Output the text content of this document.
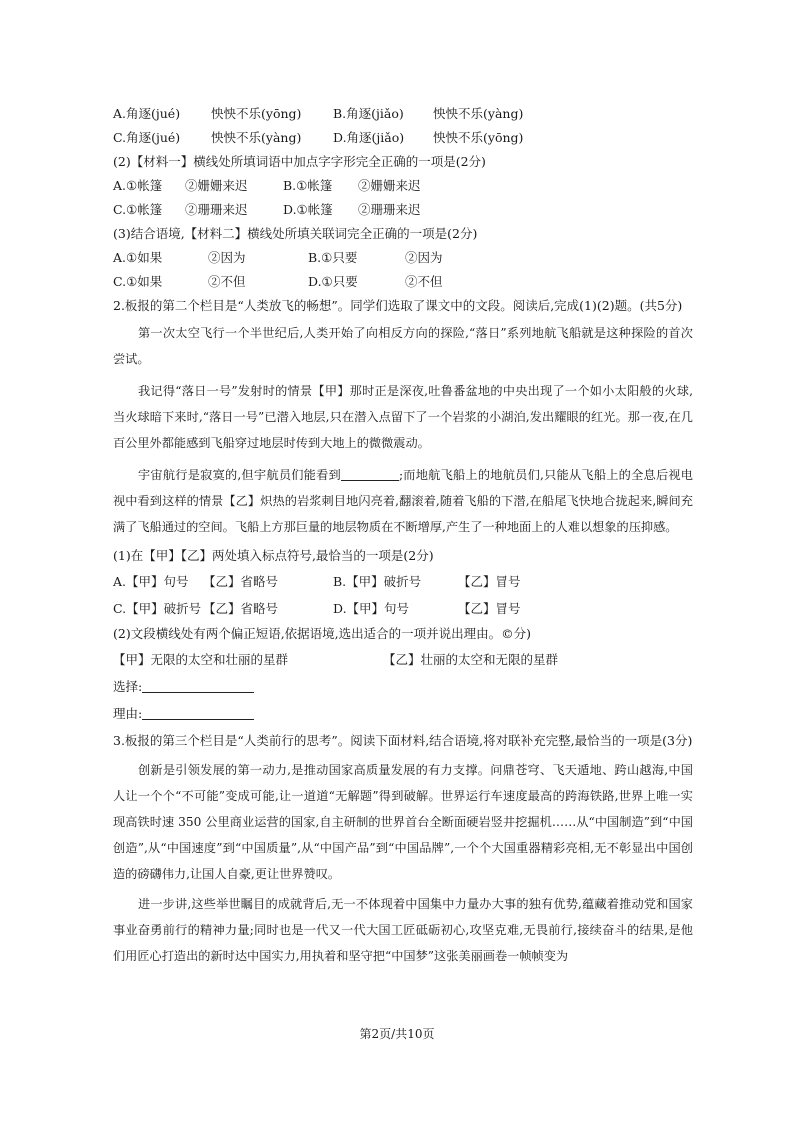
A.角逐(jué) 怏怏不乐(yōng)	B.角逐(jiǎo) 怏怏不乐(yàng)
C.角逐(jué) 怏怏不乐(yàng)	D.角逐(jiǎo) 怏怏不乐(yōng)
(2)【材料一】横线处所填词语中加点字字形完全正确的一项是(2分)
A.①帐篷 ②姗姗来迟	B.①帐篷 ②姗姗来迟
C.①帐篷 ②珊珊来迟	D.①帐篷 ②珊珊来迟
(3)结合语境,【材料二】横线处所填关联词完全正确的一项是(2分)
A.①如果	②因为	B.①只要	②因为
C.①如果	②不但	D.①只要	②不但
2.板报的第二个栏目是“人类放飞的畅想”。同学们选取了课文中的文段。阅读后,完成(1)(2)题。(共5分)

第一次太空飞行一个半世纪后,人类开始了向相反方向的探险,“落日”系列地航飞船就是这种探险的首次尝试。

我记得“落日一号”发射时的情景【甲】那时正是深夜,吐鲁番盆地的中央出现了一个如小太阳般的火球,当火球暗下来时,“落日一号”已潜入地层,只在潜入点留下了一个岩浆的小湖泊,发出耀眼的红光。那一夜,在几百公里外都能感到飞船穿过地层时传到大地上的微微震动。

宇宙航行是寂寞的,但宇航员们能看到	;而地航飞船上的地航员们,只能从飞船上的全息后视电视中看到这样的情景【乙】炽热的岩浆刺目地闪亮着,翻滚着,随着飞船的下潜,在船尾飞快地合拢起来,瞬间充满了飞船通过的空间。飞船上方那巨量的地层物质在不断增厚,产生了一种地面上的人难以想象的压抑感。

(1)在【甲】【乙】两处填入标点符号,最恰当的一项是(2分)
A.【甲】句号 【乙】省略号	B.【甲】破折号	【乙】冒号
C.【甲】破折号 【乙】省略号	D.【甲】句号	【乙】冒号
(2)文段横线处有两个偏正短语,依据语境,选出适合的一项并说出理由。©分)
【甲】无限的太空和壮丽的星群	【乙】壮丽的太空和无限的星群
选择:
理由:

3.板报的第三个栏目是“人类前行的思考”。阅读下面材料,结合语境,将对联补充完整,最恰当的一项是(3分)

创新是引领发展的第一动力,是推动国家高质量发展的有力支撑。问鼎苍穹、飞天遁地、跨山越海,中国人让一个个“不可能”变成可能,让一道道“无解题”得到破解。世界运行车速度最高的跨海铁路,世界上唯一实现高铁时速 350 公里商业运营的国家,自主研制的世界首台全断面硬岩竖井挖掘机……从“中国制造”到“中国创造”,从“中国速度”到“中国质量”,从“中国产品”到“中国品牌”,一个个大国重器精彩亮相,无不彰显出中国创造的磅礴伟力,让国人自豪,更让世界赞叹。

进一步讲,这些举世瞩目的成就背后,无一不体现着中国集中力量办大事的独有优势,蕴藏着推动党和国家事业奋勇前行的精神力量;同时也是一代又一代大国工匠砥砺初心,攻坚克难,无畏前行,接续奋斗的结果,是他们用匠心打造出的新时达中国实力,用执着和坚守把“中国梦”这张美丽画卷一帧帧变为

第2页/共10页
